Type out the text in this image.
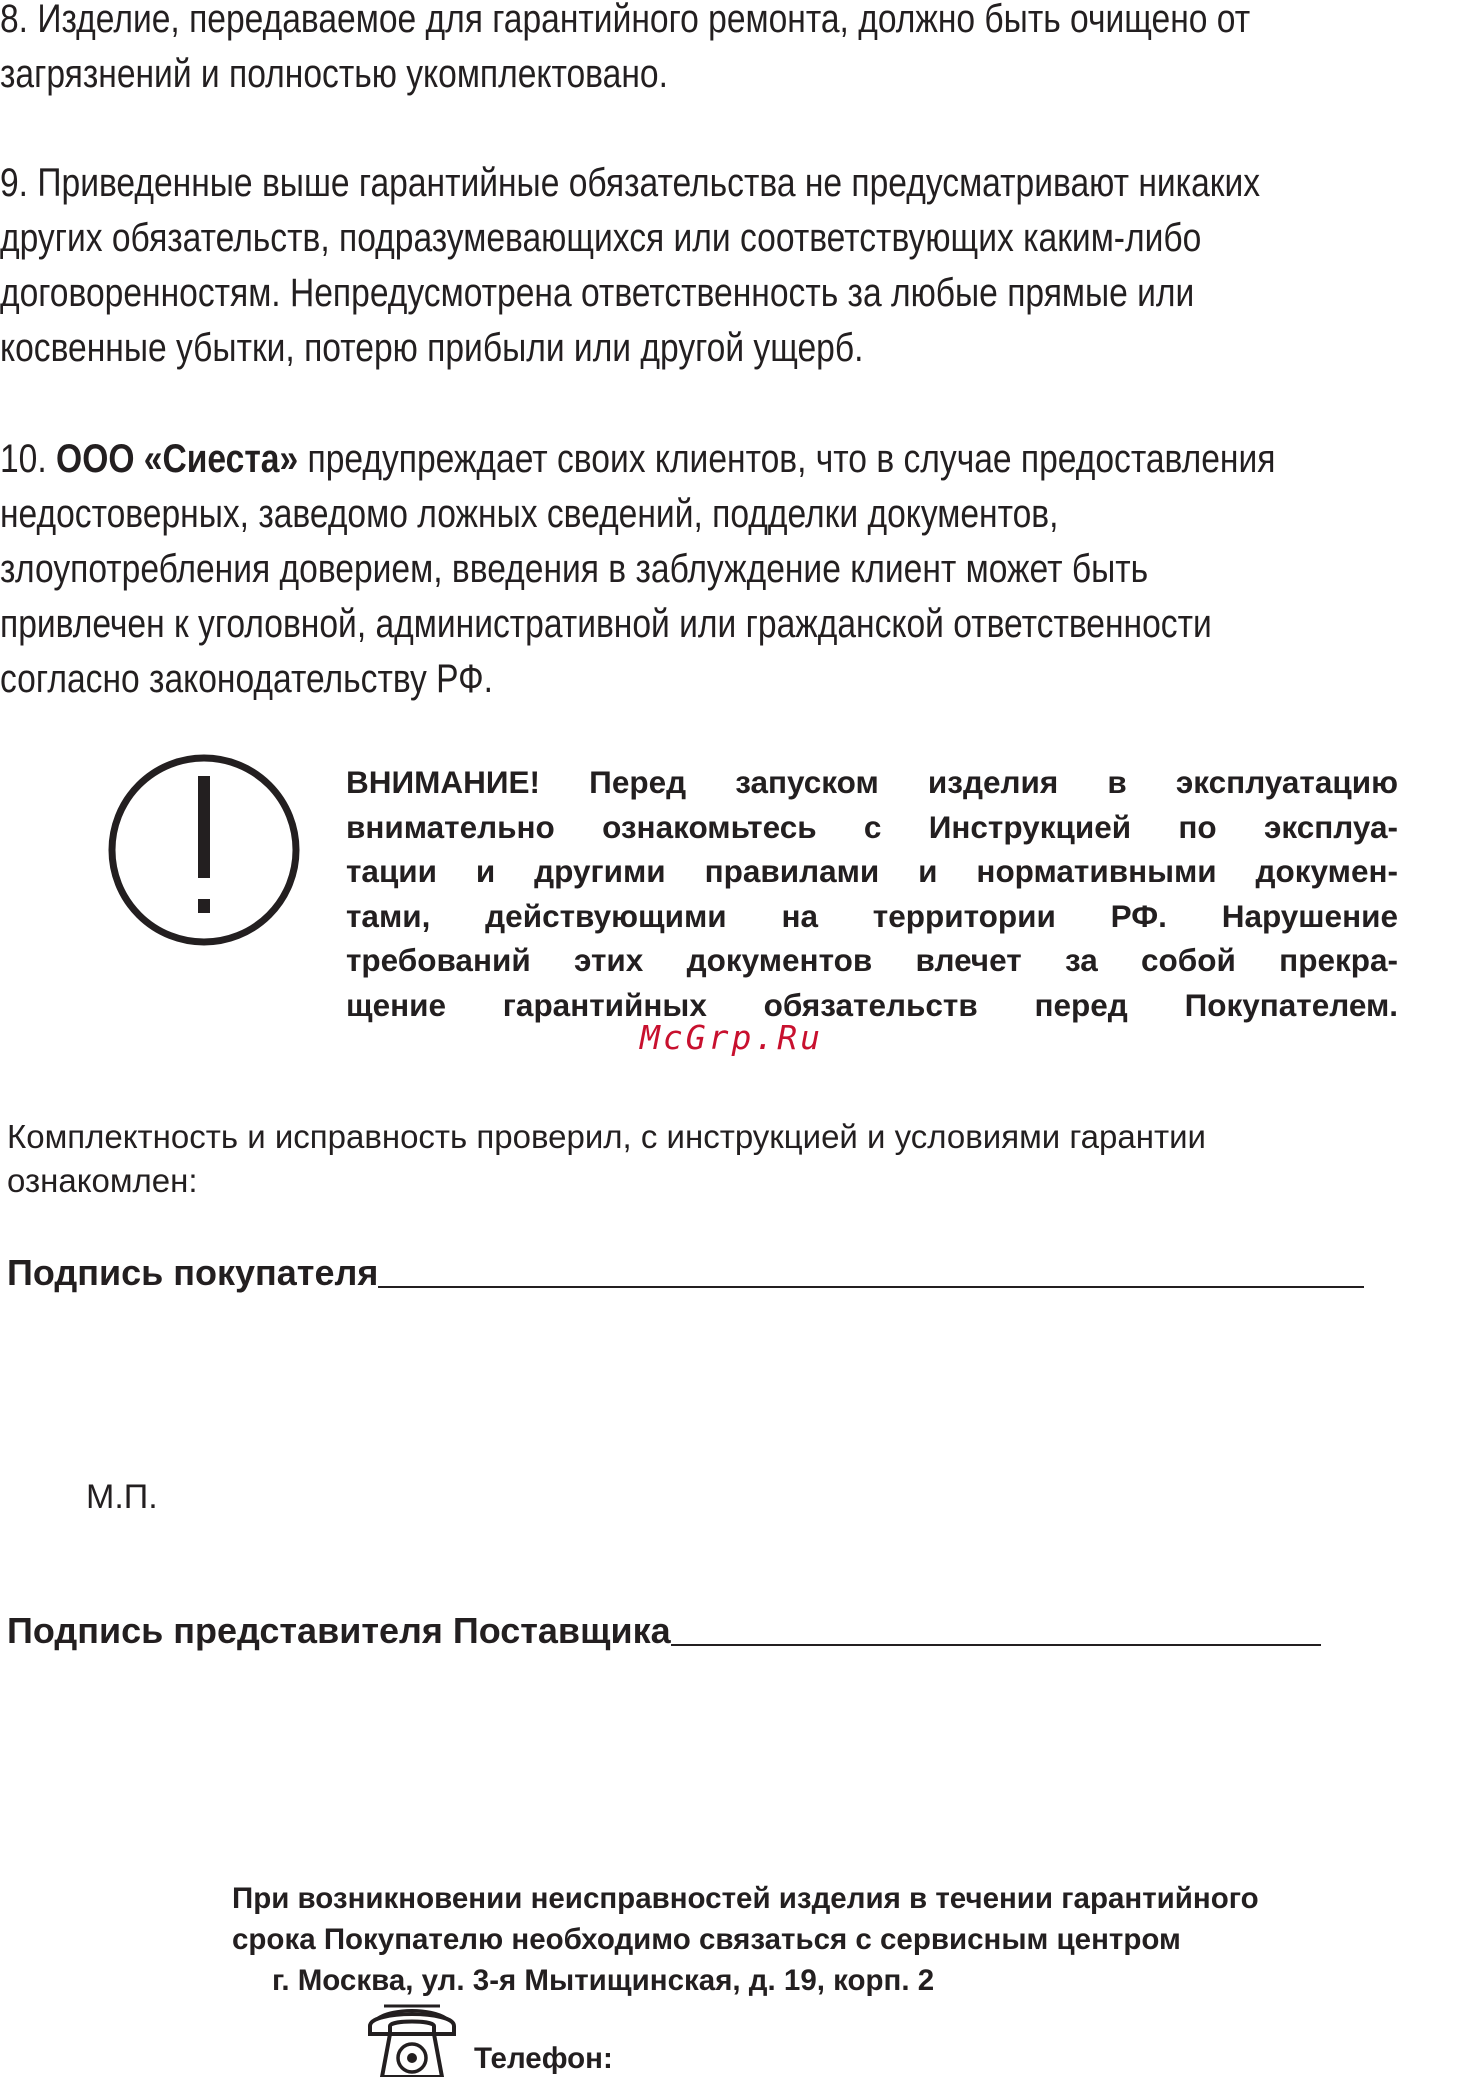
8. Изделие, передаваемое для гарантийного ремонта, должно быть очищено от
загрязнений и полностью укомплектовано.
9. Приведенные выше гарантийные обязательства не предусматривают никаких
других обязательств, подразумевающихся или соответствующих каким-либо
договоренностям. Непредусмотрена ответственность за любые прямые или
косвенные убытки, потерю прибыли или другой ущерб.
10. ООО «Сиеста» предупреждает своих клиентов, что в случае предоставления
недостоверных, заведомо ложных сведений, подделки документов,
злоупотребления доверием, введения в заблуждение клиент может быть
привлечен к уголовной, административной или гражданской ответственности
согласно законодательству РФ.
ВНИМАНИЕ! Перед запуском изделия в эксплуатацию
внимательно ознакомьтесь с Инструкцией по эксплуа-
тации и другими правилами и нормативными докумен-
тами, действующими на территории РФ. Нарушение
требований этих документов влечет за собой прекра-
щение гарантийных обязательств перед Покупателем.
McGrp.Ru
Комплектность и исправность проверил, с инструкцией и условиями гарантии
ознакомлен:
Подпись покупателя
М.П.
Подпись представителя Поставщика
При возникновении неисправностей изделия в течении гарантийного
срока Покупателю необходимо связаться с сервисным центром
г. Москва, ул. 3-я Мытищинская, д. 19, корп. 2
Телефон:
